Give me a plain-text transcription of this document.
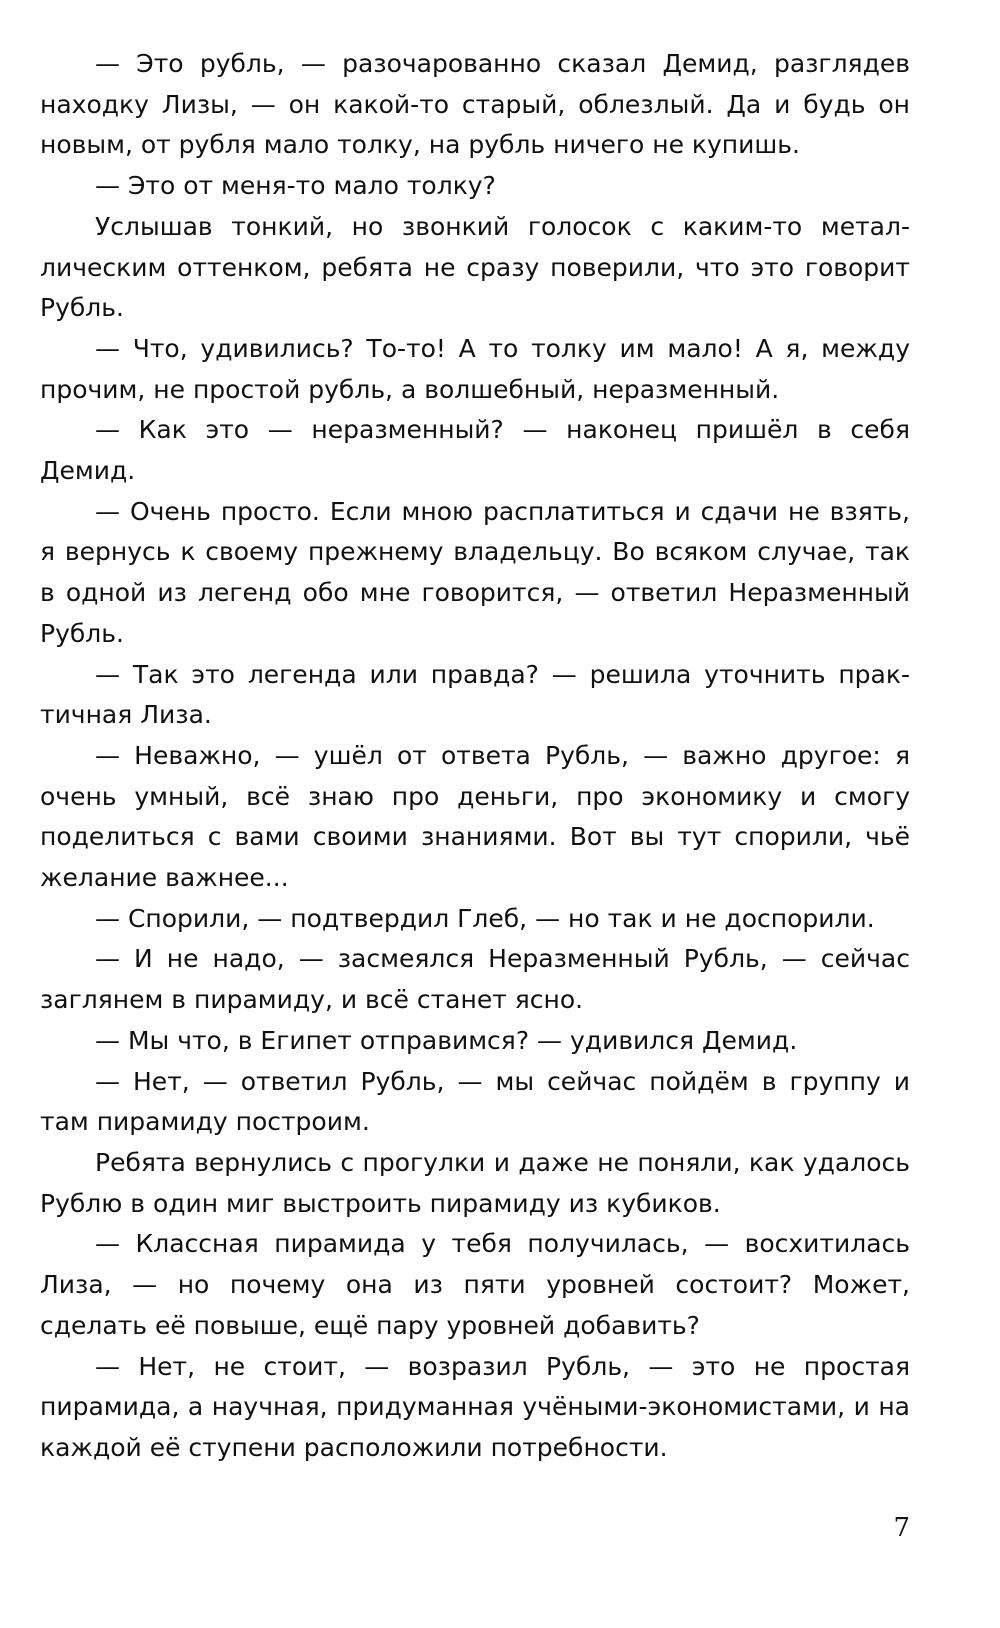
— Это рубль, — разочарованно сказал Демид, разглядев находку Лизы, — он какой-то старый, облезлый. Да и будь он новым, от рубля мало толку, на рубль ничего не купишь.

— Это от меня-то мало толку?

Услышав тонкий, но звонкий голосок с каким-то металлическим оттенком, ребята не сразу поверили, что это говорит Рубль.

— Что, удивились? То-то! А то толку им мало! А я, между прочим, не простой рубль, а волшебный, неразменный.

— Как это — неразменный? — наконец пришёл в себя Демид.

— Очень просто. Если мною расплатиться и сдачи не взять, я вернусь к своему прежнему владельцу. Во всяком случае, так в одной из легенд обо мне говорится, — ответил Неразменный Рубль.

— Так это легенда или правда? — решила уточнить практичная Лиза.

— Неважно, — ушёл от ответа Рубль, — важно другое: я очень умный, всё знаю про деньги, про экономику и смогу поделиться с вами своими знаниями. Вот вы тут спорили, чьё желание важнее...

— Спорили, — подтвердил Глеб, — но так и не доспорили.

— И не надо, — засмеялся Неразменный Рубль, — сейчас заглянем в пирамиду, и всё станет ясно.

— Мы что, в Египет отправимся? — удивился Демид.

— Нет, — ответил Рубль, — мы сейчас пойдём в группу и там пирамиду построим.

Ребята вернулись с прогулки и даже не поняли, как удалось Рублю в один миг выстроить пирамиду из кубиков.

— Классная пирамида у тебя получилась, — восхитилась Лиза, — но почему она из пяти уровней состоит? Может, сделать её повыше, ещё пару уровней добавить?

— Нет, не стоит, — возразил Рубль, — это не простая пирамида, а научная, придуманная учёными-экономистами, и на каждой её ступени расположили потребности.

7
